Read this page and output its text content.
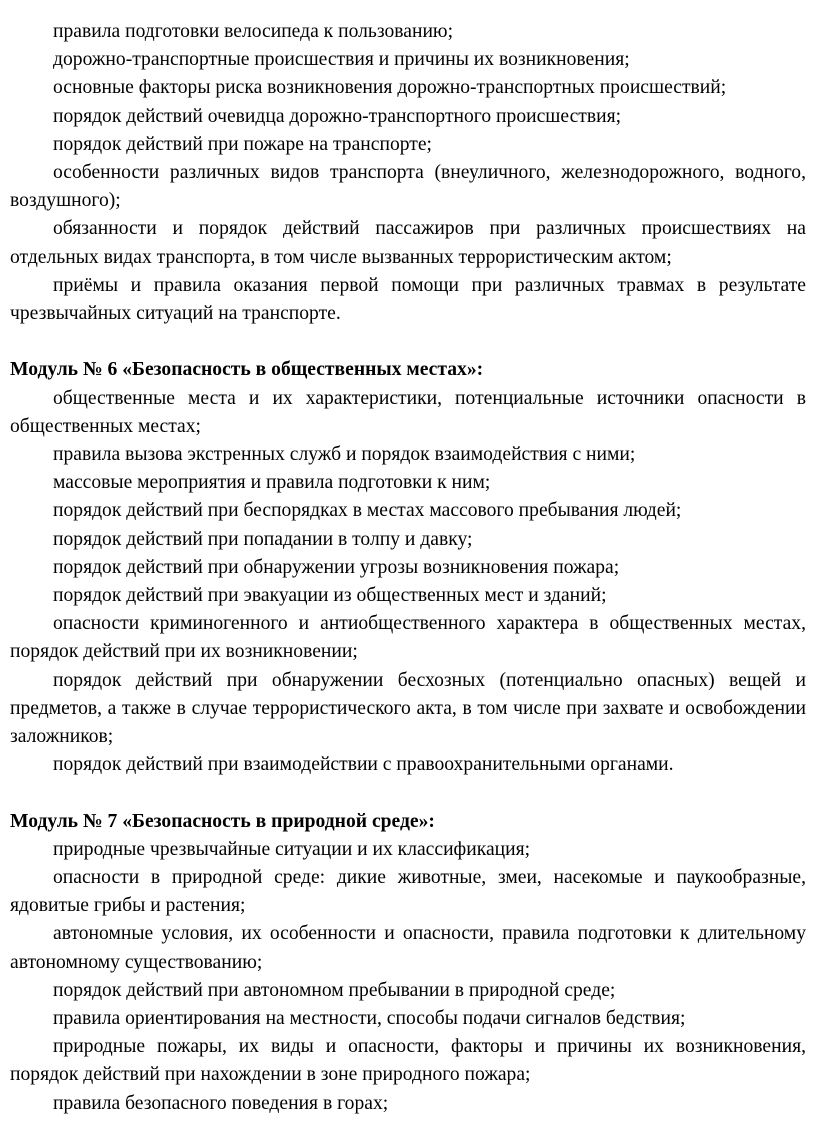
правила подготовки велосипеда к пользованию;

дорожно-транспортные происшествия и причины их возникновения;

основные факторы риска возникновения дорожно-транспортных происшествий;

порядок действий очевидца дорожно-транспортного происшествия;

порядок действий при пожаре на транспорте;

особенности различных видов транспорта (внеуличного, железнодорожного, водного, воздушного);

обязанности и порядок действий пассажиров при различных происшествиях на отдельных видах транспорта, в том числе вызванных террористическим актом;

приёмы и правила оказания первой помощи при различных травмах в результате чрезвычайных ситуаций на транспорте.

Модуль № 6 «Безопасность в общественных местах»:

общественные места и их характеристики, потенциальные источники опасности в общественных местах;

правила вызова экстренных служб и порядок взаимодействия с ними;

массовые мероприятия и правила подготовки к ним;

порядок действий при беспорядках в местах массового пребывания людей;

порядок действий при попадании в толпу и давку;

порядок действий при обнаружении угрозы возникновения пожара;

порядок действий при эвакуации из общественных мест и зданий;

опасности криминогенного и антиобщественного характера в общественных местах, порядок действий при их возникновении;

порядок действий при обнаружении бесхозных (потенциально опасных) вещей и предметов, а также в случае террористического акта, в том числе при захвате и освобождении заложников;

порядок действий при взаимодействии с правоохранительными органами.

Модуль № 7 «Безопасность в природной среде»:

природные чрезвычайные ситуации и их классификация;

опасности в природной среде: дикие животные, змеи, насекомые и паукообразные, ядовитые грибы и растения;

автономные условия, их особенности и опасности, правила подготовки к длительному автономному существованию;

порядок действий при автономном пребывании в природной среде;

правила ориентирования на местности, способы подачи сигналов бедствия;

природные пожары, их виды и опасности, факторы и причины их возникновения, порядок действий при нахождении в зоне природного пожара;

правила безопасного поведения в горах;
